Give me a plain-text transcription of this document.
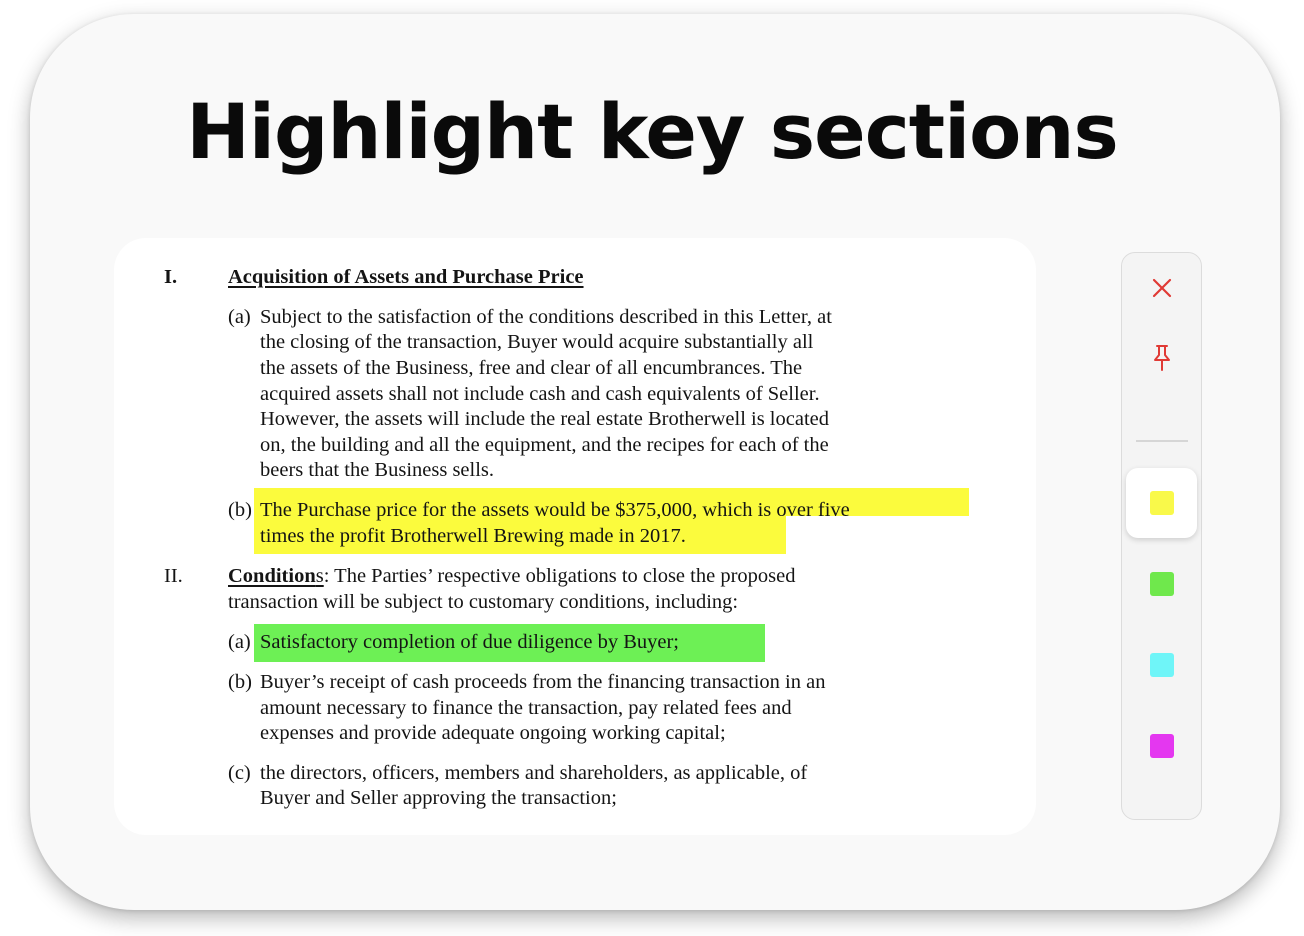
Highlight key sections
I. Acquisition of Assets and Purchase Price
(a) Subject to the satisfaction of the conditions described in this Letter, at
the closing of the transaction, Buyer would acquire substantially all
the assets of the Business, free and clear of all encumbrances. The
acquired assets shall not include cash and cash equivalents of Seller.
However, the assets will include the real estate Brotherwell is located
on, the building and all the equipment, and the recipes for each of the
beers that the Business sells.
(b) The Purchase price for the assets would be $375,000, which is over five
times the profit Brotherwell Brewing made in 2017.
II. Conditions: The Parties’ respective obligations to close the proposed
transaction will be subject to customary conditions, including:
(a) Satisfactory completion of due diligence by Buyer;
(b) Buyer’s receipt of cash proceeds from the financing transaction in an
amount necessary to finance the transaction, pay related fees and
expenses and provide adequate ongoing working capital;
(c) the directors, officers, members and shareholders, as applicable, of
Buyer and Seller approving the transaction;
